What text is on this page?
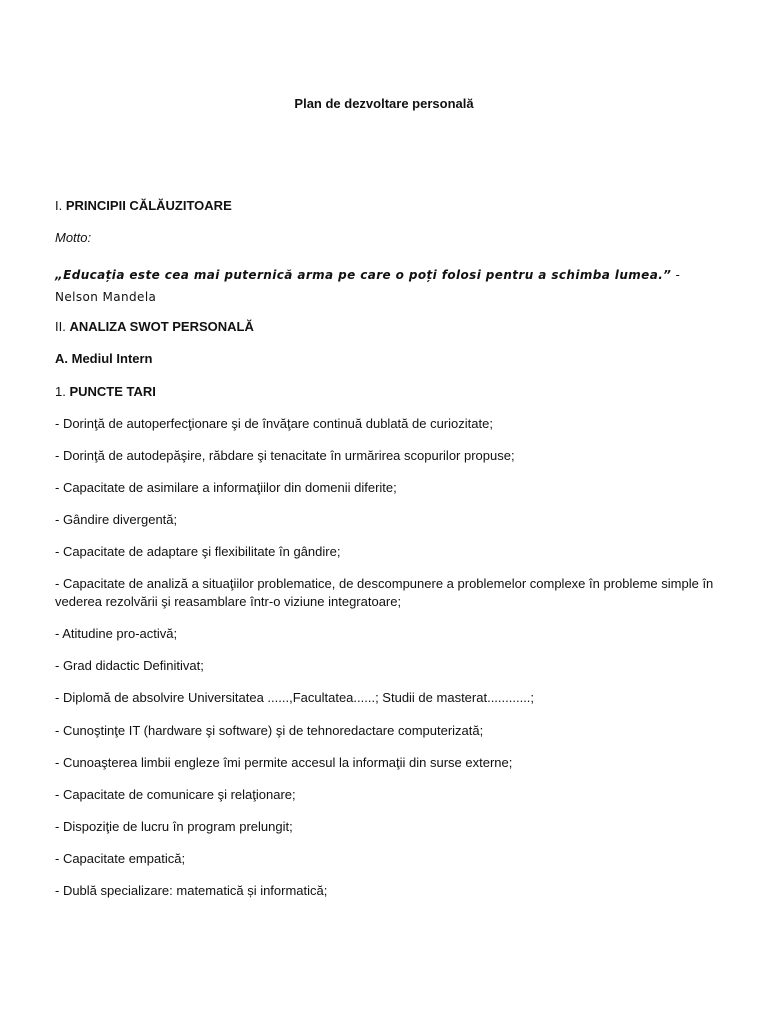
Plan de dezvoltare personală
I. PRINCIPII CĂLĂUZITOARE
Motto:
„Educația este cea mai puternică arma pe care o poți folosi pentru a schimba lumea.” - Nelson Mandela
II. ANALIZA SWOT PERSONALĂ
A. Mediul Intern
1. PUNCTE TARI
- Dorinţă de autoperfecţionare şi de învăţare continuă dublată de curiozitate;
- Dorinţă de autodepăşire, răbdare şi tenacitate în urmărirea scopurilor propuse;
- Capacitate de asimilare a informaţiilor din domenii diferite;
- Gândire divergentă;
- Capacitate de adaptare şi flexibilitate în gândire;
- Capacitate de analiză a situaţiilor problematice, de descompunere a problemelor complexe în probleme simple în vederea rezolvării şi reasamblare într-o viziune integratoare;
- Atitudine pro-activă;
- Grad didactic Definitivat;
- Diplomă de absolvire Universitatea ......,Facultatea......; Studii de masterat............;
- Cunoştinţe IT (hardware şi software) şi de tehnoredactare computerizată;
- Cunoaşterea limbii engleze îmi permite accesul la informaţii din surse externe;
- Capacitate de comunicare şi relaţionare;
- Dispoziţie de lucru în program prelungit;
- Capacitate empatică;
- Dublă specializare: matematică și informatică;
